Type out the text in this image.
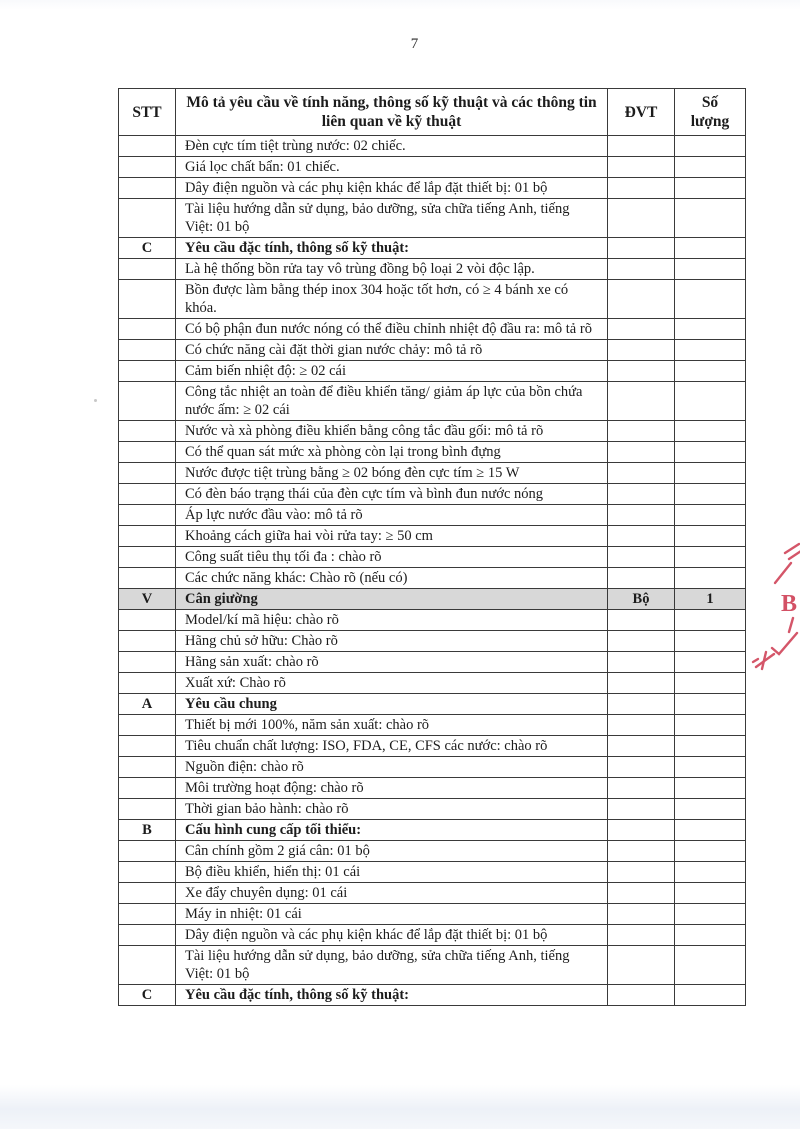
7
STT	Mô tả yêu cầu về tính năng, thông số kỹ thuật và các thông tin liên quan về kỹ thuật	ĐVT	Số lượng
	Đèn cực tím tiệt trùng nước: 02 chiếc.		
	Giá lọc chất bẩn: 01 chiếc.		
	Dây điện nguồn và các phụ kiện khác để lắp đặt thiết bị: 01 bộ		
	Tài liệu hướng dẫn sử dụng, bảo dưỡng, sửa chữa tiếng Anh, tiếng Việt: 01 bộ		
C	Yêu cầu đặc tính, thông số kỹ thuật:		
	Là hệ thống bồn rửa tay vô trùng đồng bộ loại 2 vòi độc lập.		
	Bồn được làm bằng thép inox 304 hoặc tốt hơn, có ≥ 4 bánh xe có khóa.		
	Có bộ phận đun nước nóng có thể điều chỉnh nhiệt độ đầu ra: mô tả rõ		
	Có chức năng cài đặt thời gian nước chảy: mô tả rõ		
	Cảm biến nhiệt độ: ≥ 02 cái		
	Công tắc nhiệt an toàn để điều khiển tăng/ giảm áp lực của bồn chứa nước ấm: ≥ 02 cái		
	Nước và xà phòng điều khiển bằng công tắc đầu gối: mô tả rõ		
	Có thể quan sát mức xà phòng còn lại trong bình đựng		
	Nước được tiệt trùng bằng ≥ 02 bóng đèn cực tím ≥ 15 W		
	Có đèn báo trạng thái của đèn cực tím và bình đun nước nóng		
	Áp lực nước đầu vào: mô tả rõ		
	Khoảng cách giữa hai vòi rửa tay: ≥ 50 cm		
	Công suất tiêu thụ tối đa : chào rõ		
	Các chức năng khác: Chào rõ (nếu có)		
V	Cân giường	Bộ	1
	Model/kí mã hiệu: chào rõ		
	Hãng chủ sở hữu: Chào rõ		
	Hãng sản xuất: chào rõ		
	Xuất xứ: Chào rõ		
A	Yêu cầu chung		
	Thiết bị mới 100%, năm sản xuất: chào rõ		
	Tiêu chuẩn chất lượng: ISO, FDA, CE, CFS các nước: chào rõ		
	Nguồn điện: chào rõ		
	Môi trường hoạt động: chào rõ		
	Thời gian bảo hành: chào rõ		
B	Cấu hình cung cấp tối thiểu:		
	Cân chính gồm 2 giá cân: 01 bộ		
	Bộ điều khiển, hiển thị: 01 cái		
	Xe đẩy chuyên dụng: 01 cái		
	Máy in nhiệt: 01 cái		
	Dây điện nguồn và các phụ kiện khác để lắp đặt thiết bị: 01 bộ		
	Tài liệu hướng dẫn sử dụng, bảo dưỡng, sửa chữa tiếng Anh, tiếng Việt: 01 bộ		
C	Yêu cầu đặc tính, thông số kỹ thuật:		
B
